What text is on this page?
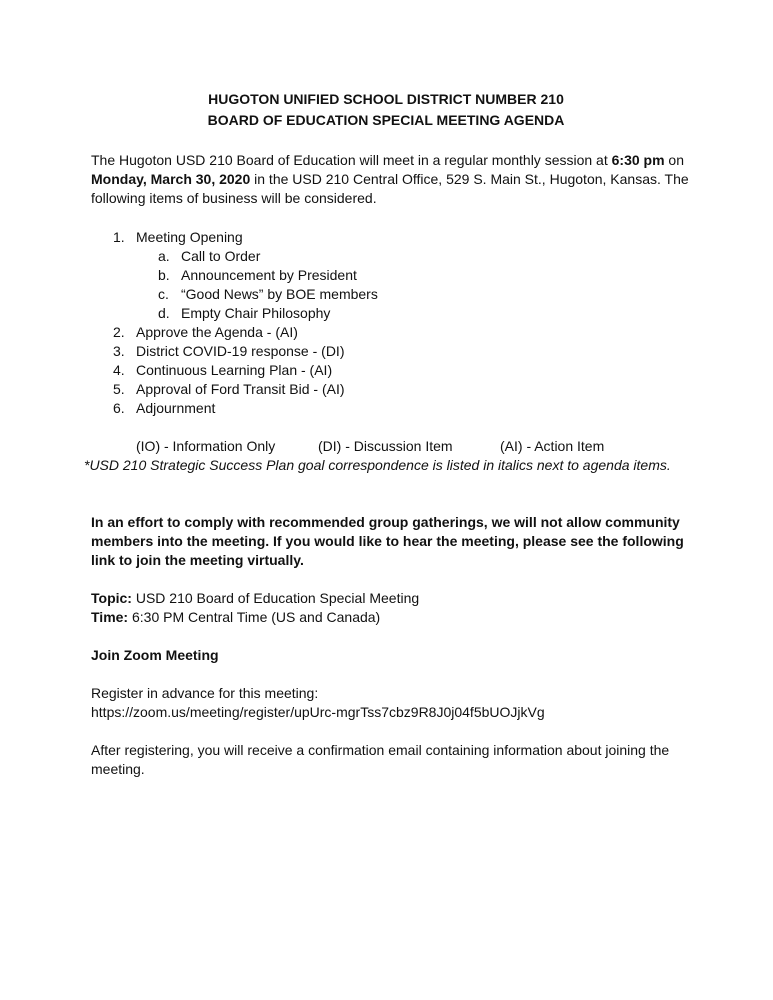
HUGOTON UNIFIED SCHOOL DISTRICT NUMBER 210
BOARD OF EDUCATION SPECIAL MEETING AGENDA

The Hugoton USD 210 Board of Education will meet in a regular monthly session at 6:30 pm on Monday, March 30, 2020 in the USD 210 Central Office, 529 S. Main St., Hugoton, Kansas. The following items of business will be considered.

1. Meeting Opening
a. Call to Order
b. Announcement by President
c. “Good News” by BOE members
d. Empty Chair Philosophy
2. Approve the Agenda - (AI)
3. District COVID-19 response - (DI)
4. Continuous Learning Plan - (AI)
5. Approval of Ford Transit Bid - (AI)
6. Adjournment
(IO) - Information Only	(DI) - Discussion Item	(AI) - Action Item
*USD 210 Strategic Success Plan goal correspondence is listed in italics next to agenda items.
In an effort to comply with recommended group gatherings, we will not allow community members into the meeting. If you would like to hear the meeting, please see the following link to join the meeting virtually.
Topic: USD 210 Board of Education Special Meeting
Time: 6:30 PM Central Time (US and Canada)
Join Zoom Meeting
Register in advance for this meeting:
https://zoom.us/meeting/register/upUrc-mgrTss7cbz9R8J0j04f5bUOJjkVg
After registering, you will receive a confirmation email containing information about joining the meeting.
